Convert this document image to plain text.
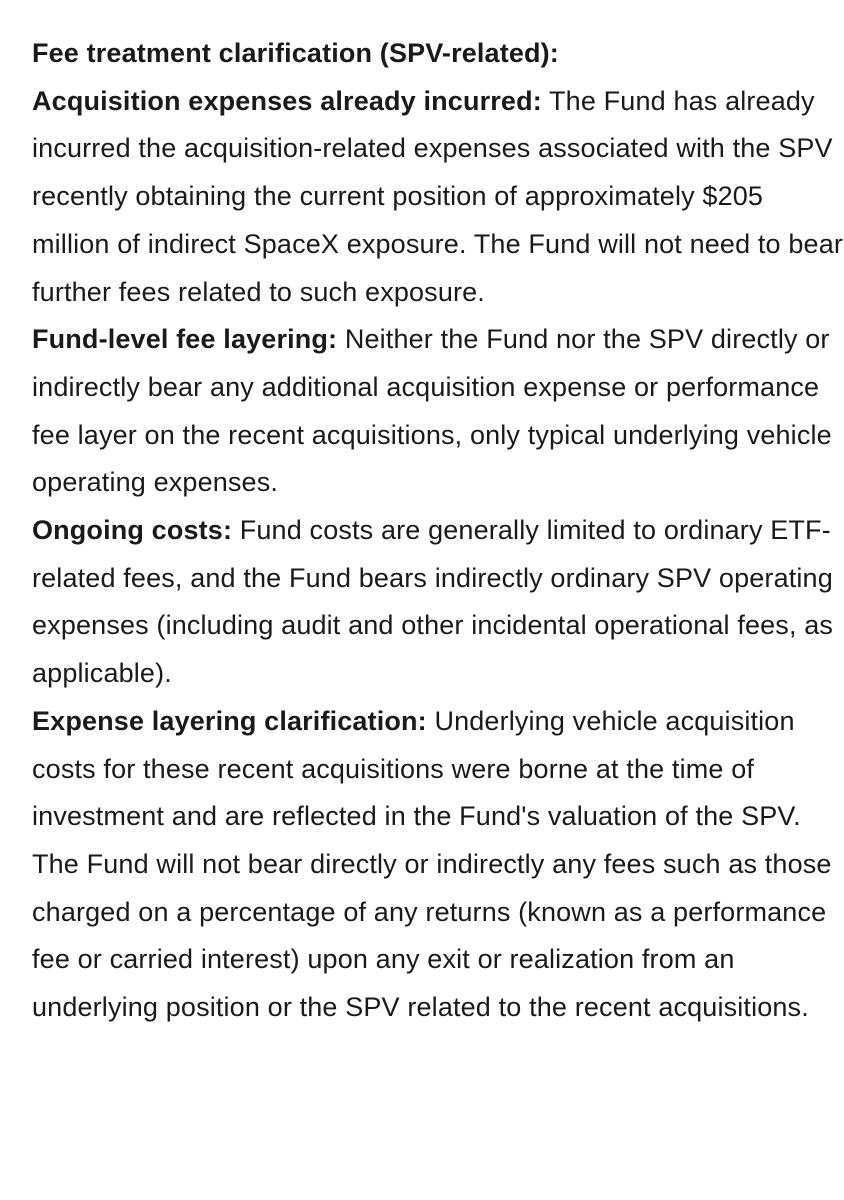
Fee treatment clarification (SPV-related):

Acquisition expenses already incurred: The Fund has already incurred the acquisition-related expenses associated with the SPV recently obtaining the current position of approximately $205 million of indirect SpaceX exposure. The Fund will not need to bear further fees related to such exposure.

Fund-level fee layering: Neither the Fund nor the SPV directly or indirectly bear any additional acquisition expense or performance fee layer on the recent acquisitions, only typical underlying vehicle operating expenses.

Ongoing costs: Fund costs are generally limited to ordinary ETF-related fees, and the Fund bears indirectly ordinary SPV operating expenses (including audit and other incidental operational fees, as applicable).

Expense layering clarification: Underlying vehicle acquisition costs for these recent acquisitions were borne at the time of investment and are reflected in the Fund's valuation of the SPV. The Fund will not bear directly or indirectly any fees such as those charged on a percentage of any returns (known as a performance fee or carried interest) upon any exit or realization from an underlying position or the SPV related to the recent acquisitions.
